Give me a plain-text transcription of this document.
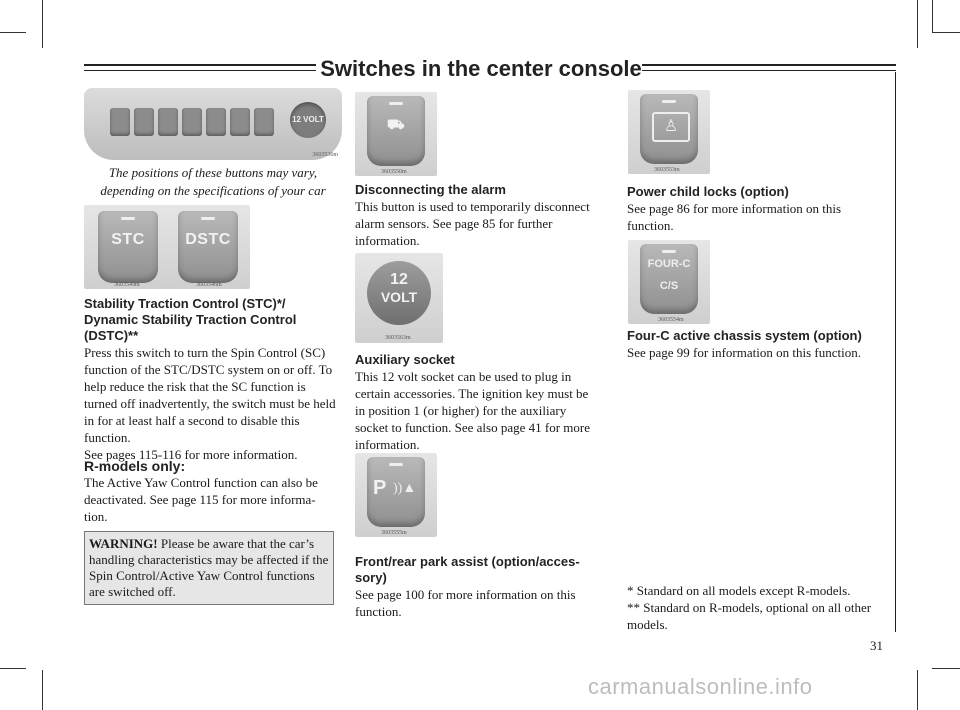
Switches in the center console
12 VOLT
3603536m
The positions of these buttons may vary, depending on the specifications of your car
STC	DSTC
3603549m	3603546m
Stability Traction Control (STC)*/ Dynamic Stability Traction Control (DSTC)**

Press this switch to turn the Spin Control (SC) function of the STC/DSTC system on or off. To help reduce the risk that the SC function is turned off inadvertently, the switch must be held in for at least half a second to disable this function.

See pages 115-116 for more information.

R-models only:

The Active Yaw Control function can also be deactivated. See page 115 for more informa- tion.

WARNING! Please be aware that the car’s handling characteristics may be affected if the Spin Control/Active Yaw Control functions are switched off.
⛟
3603550m
Disconnecting the alarm

This button is used to temporarily disconnect alarm sensors. See page 85 for further information.

12
VOLT
3603563m
Auxiliary socket

This 12 volt socket can be used to plug in certain accessories. The ignition key must be in position 1 (or higher) for the auxiliary socket to function. See also page 41 for more information.

P ))▲
3603555m
Front/rear park assist (option/acces- sory)

See page 100 for more information on this function.

♙
3603553m
Power child locks (option)

See page 86 for more information on this function.

FOUR-C
C/S
3603554m
Four-C active chassis system (option)

See page 99 for information on this function.

* Standard on all models except R-models.

** Standard on R-models, optional on all other models.

31
carmanualsonline.info
